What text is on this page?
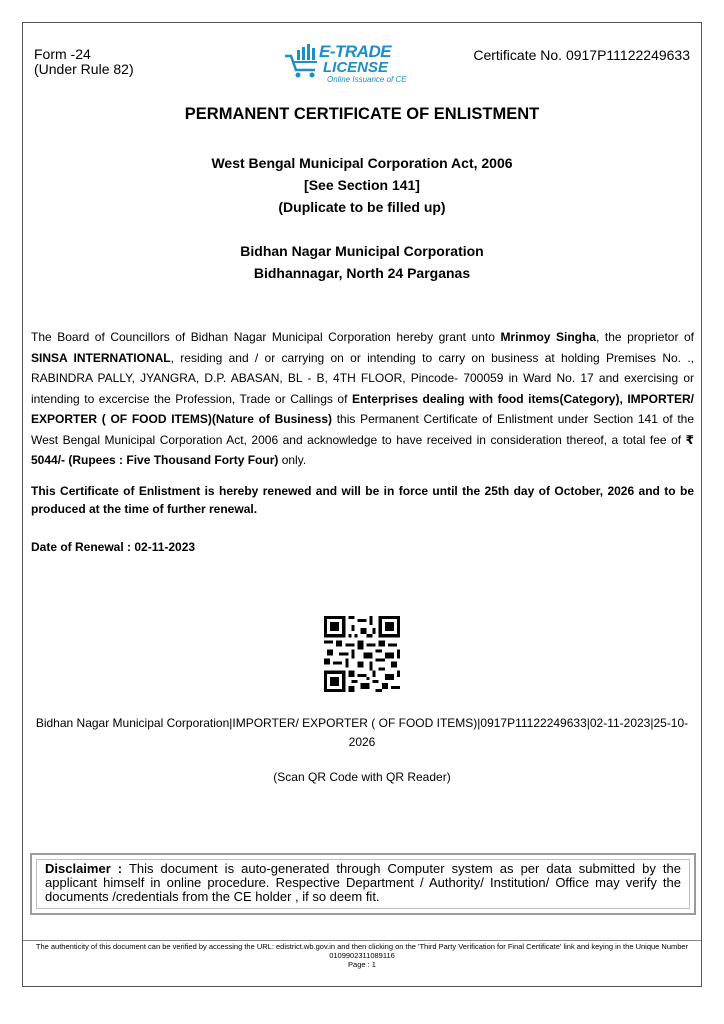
Form -24
(Under Rule 82)
E-TRADE
LICENSE
Online Issuance of CE
Certificate No. 0917P11122249633
PERMANENT CERTIFICATE OF ENLISTMENT
West Bengal Municipal Corporation Act, 2006
[See Section 141]
(Duplicate to be filled up)
Bidhan Nagar Municipal Corporation
Bidhannagar, North 24 Parganas
The Board of Councillors of Bidhan Nagar Municipal Corporation hereby grant unto Mrinmoy Singha, the proprietor of SINSA INTERNATIONAL, residing and / or carrying on or intending to carry on business at holding Premises No. ., RABINDRA PALLY, JYANGRA, D.P. ABASAN, BL - B, 4TH FLOOR, Pincode- 700059 in Ward No. 17 and exercising or intending to excercise the Profession, Trade or Callings of Enterprises dealing with food items(Category), IMPORTER/ EXPORTER ( OF FOOD ITEMS)(Nature of Business) this Permanent Certificate of Enlistment under Section 141 of the West Bengal Municipal Corporation Act, 2006 and acknowledge to have received in consideration thereof, a total fee of ₹ 5044/- (Rupees : Five Thousand Forty Four) only.
This Certificate of Enlistment is hereby renewed and will be in force until the 25th day of October, 2026 and to be produced at the time of further renewal.
Date of Renewal : 02-11-2023
Bidhan Nagar Municipal Corporation|IMPORTER/ EXPORTER ( OF FOOD ITEMS)|0917P11122249633|02-11-2023|25-10-2026
(Scan QR Code with QR Reader)
Disclaimer : This document is auto-generated through Computer system as per data submitted by the applicant himself in online procedure. Respective Department / Authority/ Institution/ Office may verify the documents /credentials from the CE holder , if so deem fit.
The authenticity of this document can be verified by accessing the URL: edistrict.wb.gov.in and then clicking on the 'Third Party Verification for Final Certificate' link and keying in the Unique Number 0109902311089116
Page : 1
